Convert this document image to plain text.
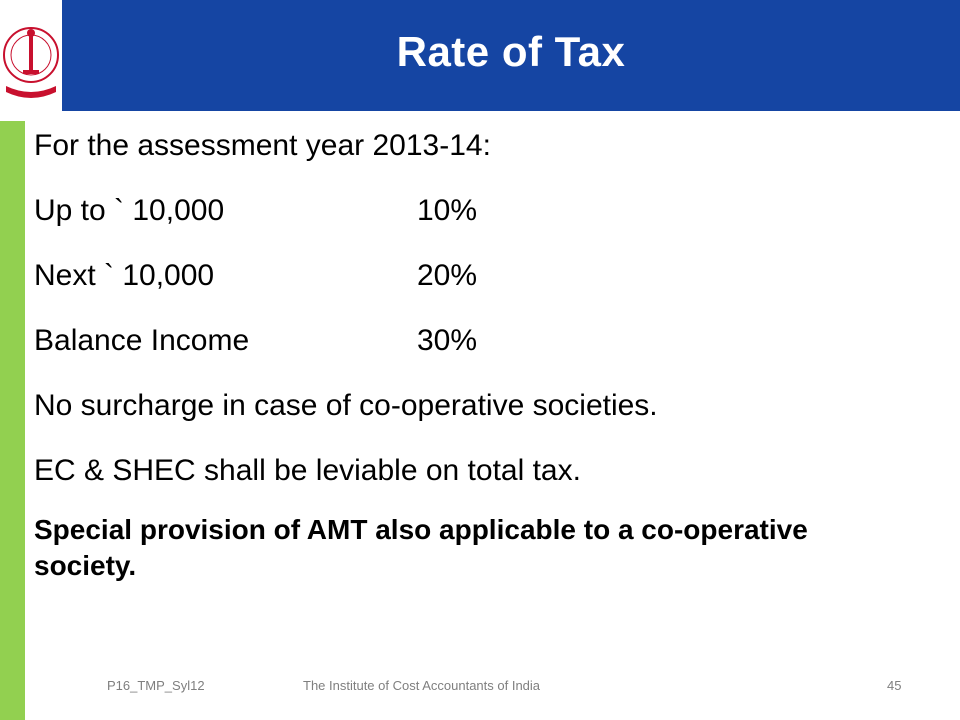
Rate of Tax
For the assessment year 2013-14:
Up to ` 10,000	10%
Next ` 10,000	20%
Balance Income	30%
No surcharge in case of co-operative societies.
EC & SHEC shall be leviable on total tax.
Special provision of AMT also applicable to a co-operative society.
P16_TMP_Syl12	The Institute of Cost Accountants of India	45
